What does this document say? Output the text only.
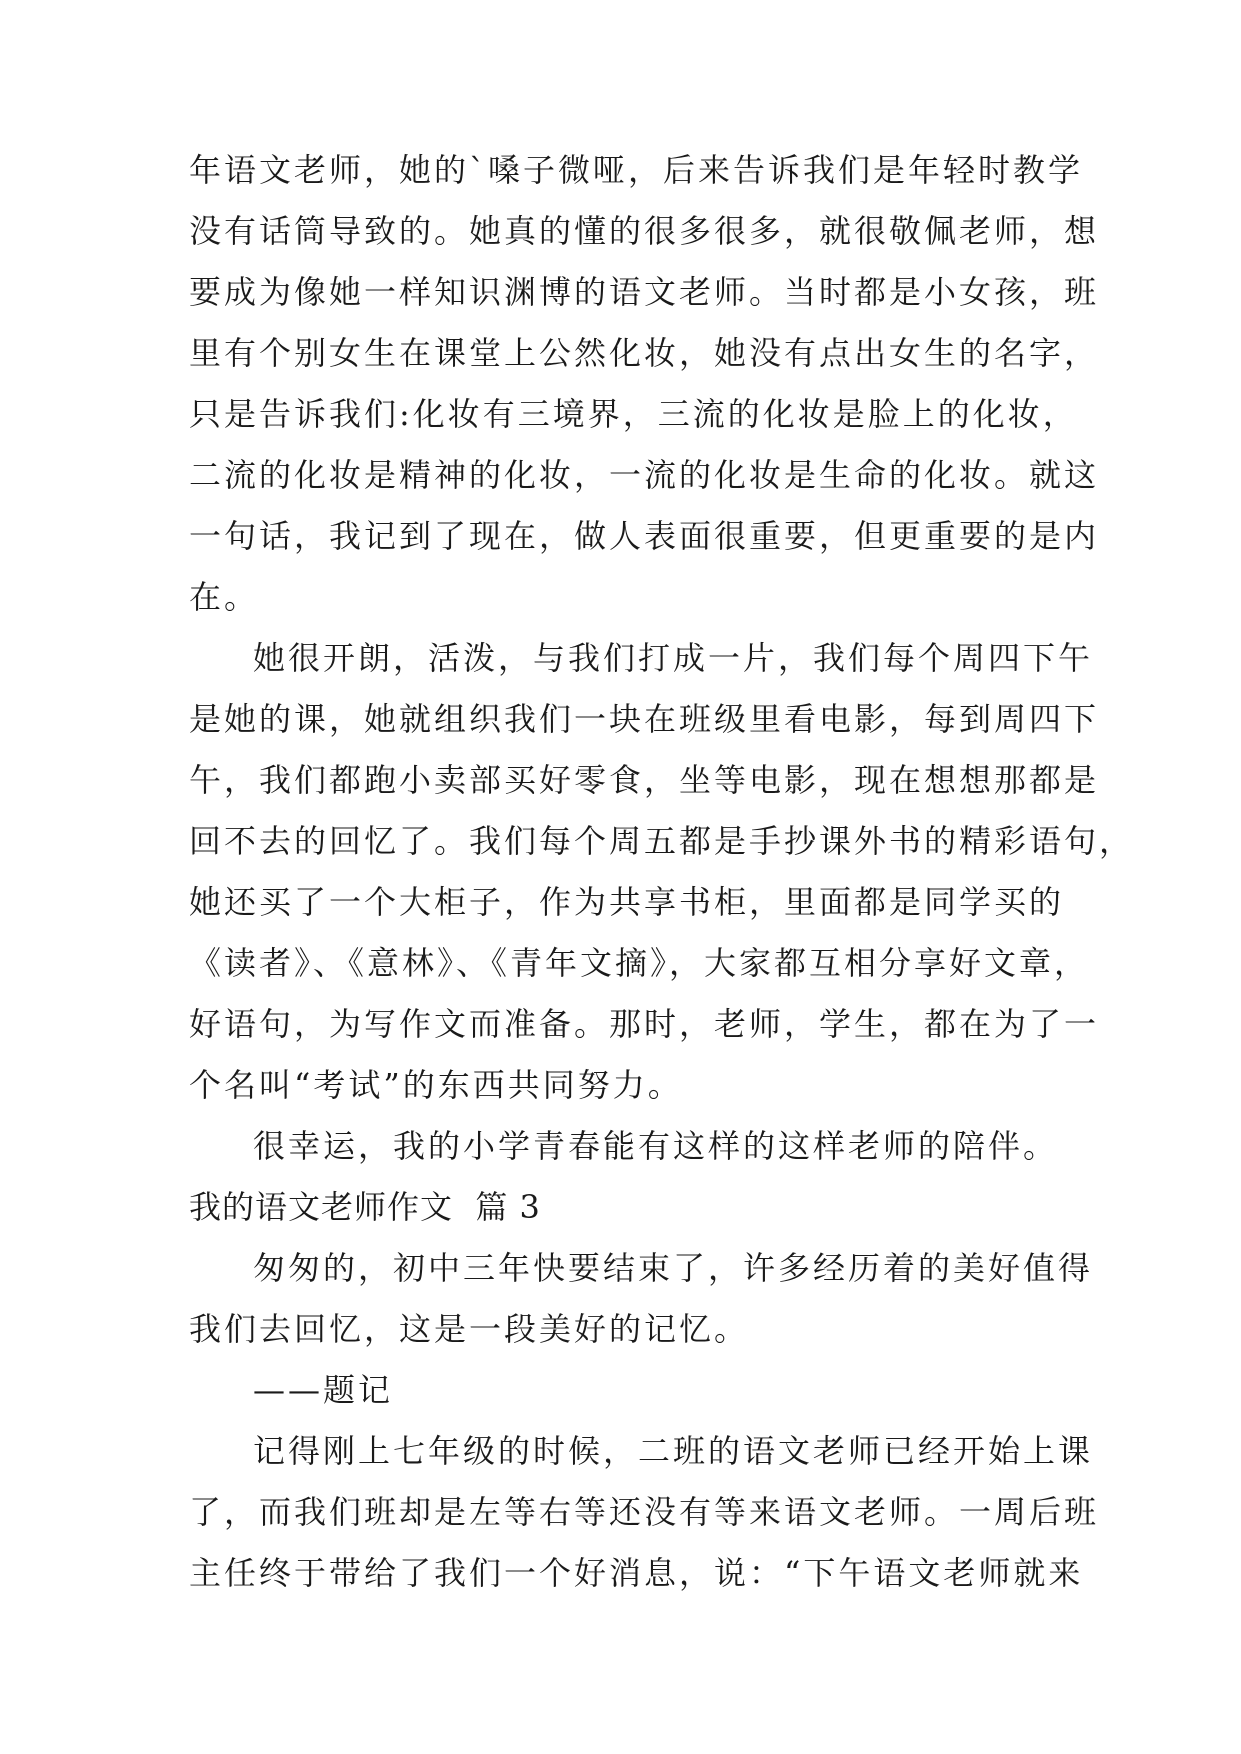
年语文老师，她的`嗓子微哑，后来告诉我们是年轻时教学
没有话筒导致的。她真的懂的很多很多，就很敬佩老师，想
要成为像她一样知识渊博的语文老师。当时都是小女孩，班
里有个别女生在课堂上公然化妆，她没有点出女生的名字，
只是告诉我们:化妆有三境界，三流的化妆是脸上的化妆，
二流的化妆是精神的化妆，一流的化妆是生命的化妆。就这
一句话，我记到了现在，做人表面很重要，但更重要的是内
在。
她很开朗，活泼，与我们打成一片，我们每个周四下午
是她的课，她就组织我们一块在班级里看电影，每到周四下
午，我们都跑小卖部买好零食，坐等电影，现在想想那都是
回不去的回忆了。我们每个周五都是手抄课外书的精彩语句，
她还买了一个大柜子，作为共享书柜，里面都是同学买的
《读者》、《意林》、《青年文摘》，大家都互相分享好文章，
好语句，为写作文而准备。那时，老师，学生，都在为了一
个名叫“考试”的东西共同努力。
很幸运，我的小学青春能有这样的这样老师的陪伴。
我的语文老师作文  篇 3
匆匆的，初中三年快要结束了，许多经历着的美好值得
我们去回忆，这是一段美好的记忆。
——题记
记得刚上七年级的时候，二班的语文老师已经开始上课
了，而我们班却是左等右等还没有等来语文老师。一周后班
主任终于带给了我们一个好消息，说：“下午语文老师就来
